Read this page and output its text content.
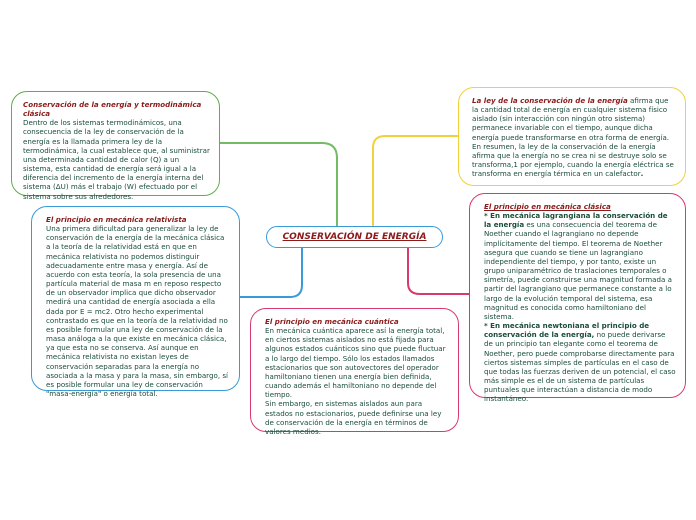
Conservación de la energía y termodinámica clásica
Dentro de los sistemas termodinámicos, una consecuencia de la ley de conservación de la energía es la llamada primera ley de la termodinámica, la cual establece que, al suministrar una determinada cantidad de calor (Q) a un sistema, esta cantidad de energía será igual a la diferencia del incremento de la energía interna del sistema (ΔU) más el trabajo (W) efectuado por el sistema sobre sus alrededores.
La ley de la conservación de la energía afirma que la cantidad total de energía en cualquier sistema físico aislado (sin interacción con ningún otro sistema) permanece invariable con el tiempo, aunque dicha energía puede transformarse en otra forma de energía. En resumen, la ley de la conservación de la energía afirma que la energía no se crea ni se destruye solo se transforma,1 por ejemplo, cuando la energía eléctrica se transforma en energía térmica en un calefactor.
El principio en mecánica relativista
Una primera dificultad para generalizar la ley de conservación de la energía de la mecánica clásica a la teoría de la relatividad está en que en mecánica relativista no podemos distinguir adecuadamente entre masa y energía. Así de acuerdo con esta teoría, la sola presencia de una partícula material de masa m en reposo respecto de un observador implica que dicho observador medirá una cantidad de energía asociada a ella dada por E = mc2. Otro hecho experimental contrastado es que en la teoría de la relatividad no es posible formular una ley de conservación de la masa análoga a la que existe en mecánica clásica, ya que esta no se conserva. Así aunque en mecánica relativista no existan leyes de conservación separadas para la energía no asociada a la masa y para la masa, sin embargo, sí es posible formular una ley de conservación "masa-energía" o energía total.
El principio en mecánica clásica
* En mecánica lagrangiana la conservación de la energía es una consecuencia del teorema de Noether cuando el lagrangiano no depende implícitamente del tiempo. El teorema de Noether asegura que cuando se tiene un lagrangiano independiente del tiempo, y por tanto, existe un grupo uniparamétrico de traslaciones temporales o simetría, puede construirse una magnitud formada a partir del lagrangiano que permanece constante a lo largo de la evolución temporal del sistema, esa magnitud es conocida como hamiltoniano del sistema.
* En mecánica newtoniana el principio de conservación de la energía, no puede derivarse de un principio tan elegante como el teorema de Noether, pero puede comprobarse directamente para ciertos sistemas simples de partículas en el caso de que todas las fuerzas deriven de un potencial, el caso más simple es el de un sistema de partículas puntuales que interactúan a distancia de modo instantáneo.
El principio en mecánica cuántica
En mecánica cuántica aparece así la energía total, en ciertos sistemas aislados no está fijada para algunos estados cuánticos sino que puede fluctuar a lo largo del tiempo. Sólo los estados llamados estacionarios que son autovectores del operador hamiltoniano tienen una energía bien definida, cuando además el hamiltoniano no depende del tiempo.
Sin embargo, en sistemas aislados aun para estados no estacionarios, puede definirse una ley de conservación de la energía en términos de valores medios.
CONSERVACIÓN DE ENERGÍA
